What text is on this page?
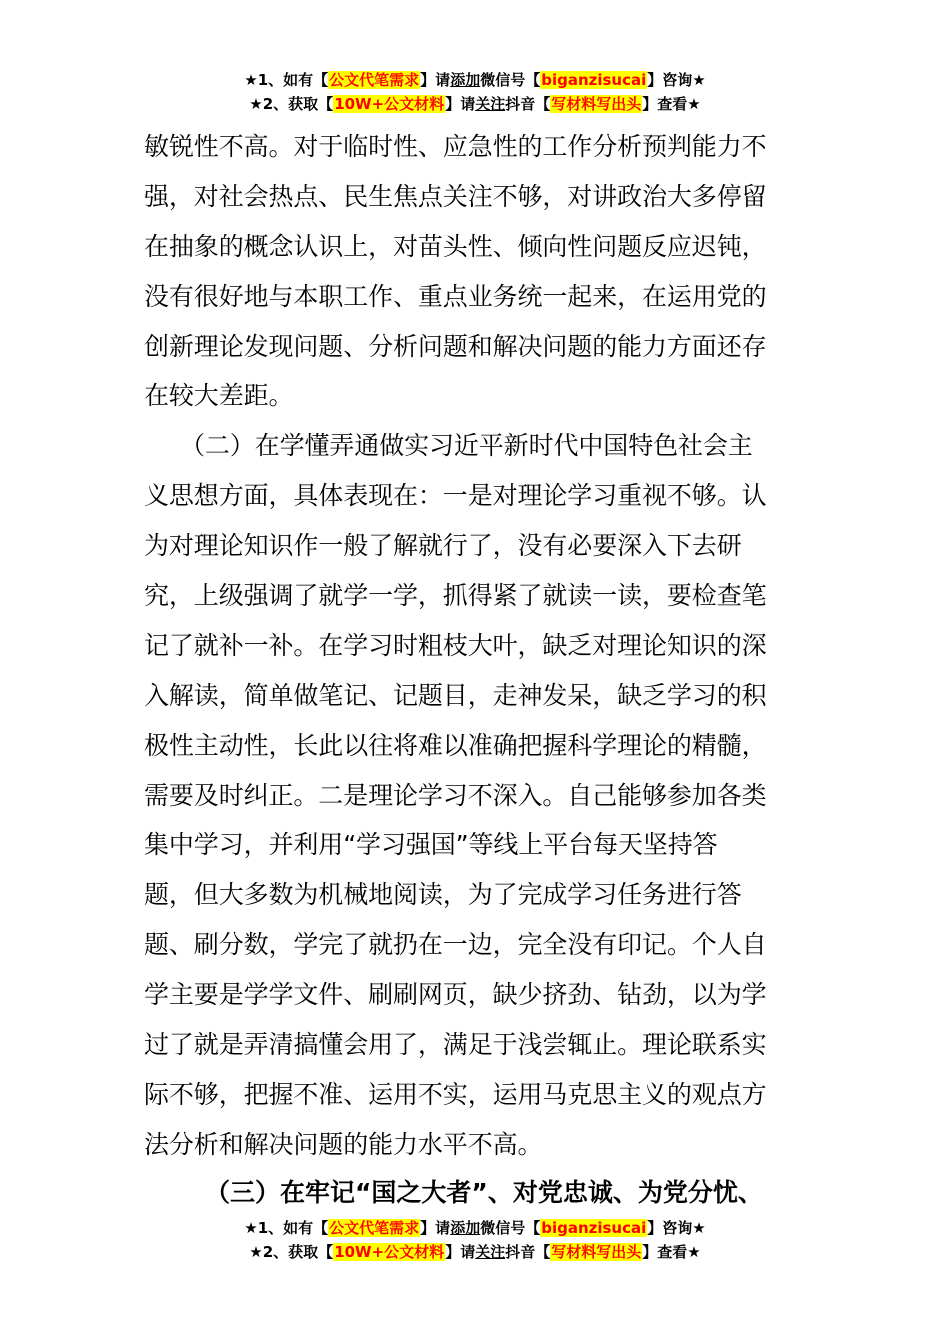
★1、如有【公文代笔需求】请添加微信号【biganzisucai】咨询★
★2、获取【10W+公文材料】请关注抖音【写材料写出头】查看★
敏锐性不高。对于临时性、应急性的工作分析预判能力不
强，对社会热点、民生焦点关注不够，对讲政治大多停留
在抽象的概念认识上，对苗头性、倾向性问题反应迟钝，
没有很好地与本职工作、重点业务统一起来，在运用党的
创新理论发现问题、分析问题和解决问题的能力方面还存
在较大差距。
（二）在学懂弄通做实习近平新时代中国特色社会主
义思想方面，具体表现在：一是对理论学习重视不够。认
为对理论知识作一般了解就行了，没有必要深入下去研
究，上级强调了就学一学，抓得紧了就读一读，要检查笔
记了就补一补。在学习时粗枝大叶，缺乏对理论知识的深
入解读，简单做笔记、记题目，走神发呆，缺乏学习的积
极性主动性，长此以往将难以准确把握科学理论的精髓，
需要及时纠正。二是理论学习不深入。自己能够参加各类
集中学习，并利用“学习强国”等线上平台每天坚持答
题，但大多数为机械地阅读，为了完成学习任务进行答
题、刷分数，学完了就扔在一边，完全没有印记。个人自
学主要是学学文件、刷刷网页，缺少挤劲、钻劲，以为学
过了就是弄清搞懂会用了，满足于浅尝辄止。理论联系实
际不够，把握不准、运用不实，运用马克思主义的观点方
法分析和解决问题的能力水平不高。
（三）在牢记“国之大者”、对党忠诚、为党分忧、
★1、如有【公文代笔需求】请添加微信号【biganzisucai】咨询★
★2、获取【10W+公文材料】请关注抖音【写材料写出头】查看★
